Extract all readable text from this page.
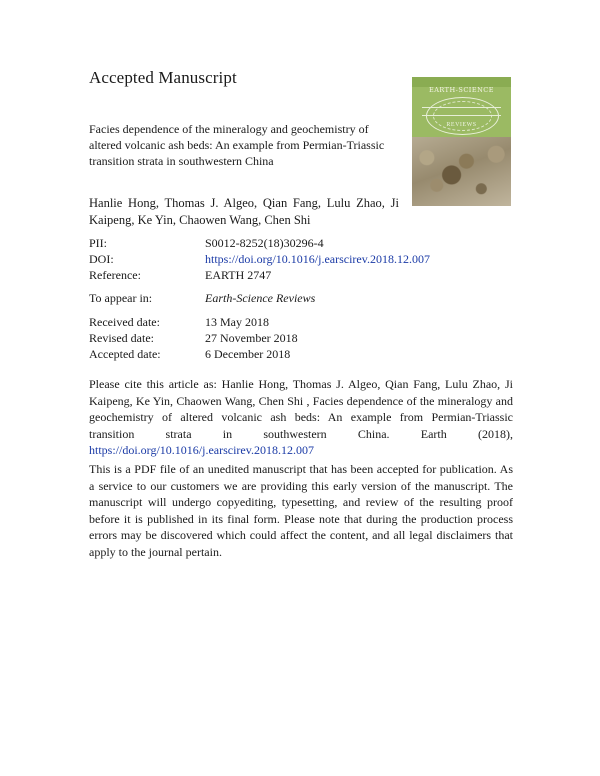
Accepted Manuscript
EARTH-SCIENCE
REVIEWS
Facies dependence of the mineralogy and geochemistry of altered volcanic ash beds: An example from Permian-Triassic transition strata in southwestern China
Hanlie Hong, Thomas J. Algeo, Qian Fang, Lulu Zhao, Ji Kaipeng, Ke Yin, Chaowen Wang, Chen Shi
PII:	S0012-8252(18)30296-4
DOI:	https://doi.org/10.1016/j.earscirev.2018.12.007
Reference:	EARTH 2747
To appear in:	Earth-Science Reviews
Received date:	13 May 2018
Revised date:	27 November 2018
Accepted date:	6 December 2018
Please cite this article as: Hanlie Hong, Thomas J. Algeo, Qian Fang, Lulu Zhao, Ji Kaipeng, Ke Yin, Chaowen Wang, Chen Shi , Facies dependence of the mineralogy and geochemistry of altered volcanic ash beds: An example from Permian-Triassic transition strata in southwestern China. Earth (2018), https://doi.org/10.1016/j.earscirev.2018.12.007
This is a PDF file of an unedited manuscript that has been accepted for publication. As a service to our customers we are providing this early version of the manuscript. The manuscript will undergo copyediting, typesetting, and review of the resulting proof before it is published in its final form. Please note that during the production process errors may be discovered which could affect the content, and all legal disclaimers that apply to the journal pertain.
